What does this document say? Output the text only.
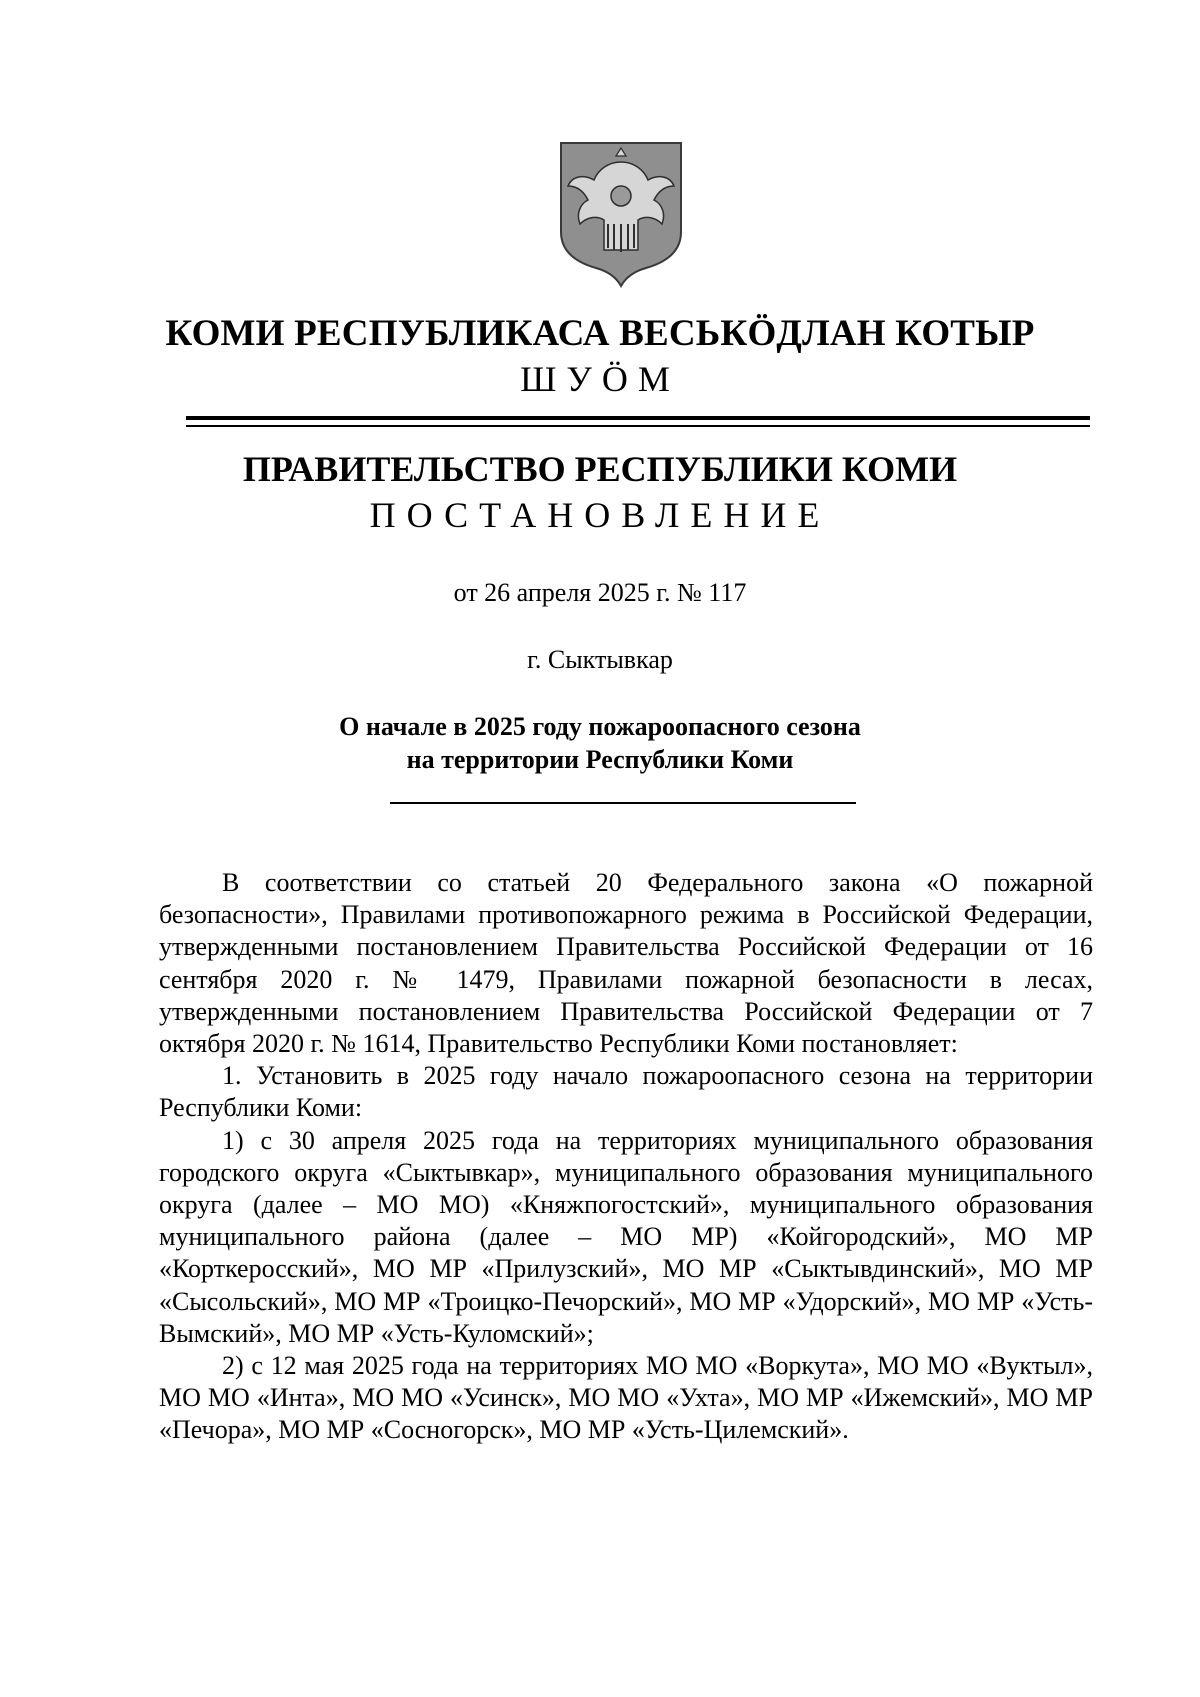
КОМИ РЕСПУБЛИКАСА ВЕСЬКӦДЛАН КОТЫР
ШУӦМ
ПРАВИТЕЛЬСТВО РЕСПУБЛИКИ КОМИ
ПОСТАНОВЛЕНИЕ
от 26 апреля 2025 г. № 117
г. Сыктывкар
О начале в 2025 году пожароопасного сезона
на территории Республики Коми

В соответствии со статьей 20 Федерального закона «О пожарной безопасности», Правилами противопожарного режима в Российской Федерации, утвержденными постановлением Правительства Российской Федерации от 16 сентября 2020 г. № 1479, Правилами пожарной безопасности в лесах, утвержденными постановлением Правительства Российской Федерации от 7 октября 2020 г. № 1614, Правительство Республики Коми постановляет:

1. Установить в 2025 году начало пожароопасного сезона на территории Республики Коми:

1) с 30 апреля 2025 года на территориях муниципального образования городского округа «Сыктывкар», муниципального образования муниципального округа (далее – МО МО) «Княжпогостский», муниципального образования муниципального района (далее – МО МР) «Койгородский», МО МР «Корткеросский», МО МР «Прилузский», МО МР «Сыктывдинский», МО МР «Сысольский», МО МР «Троицко-Печорский», МО МР «Удорский», МО МР «Усть-Вымский», МО МР «Усть-Куломский»;

2) с 12 мая 2025 года на территориях МО МО «Воркута», МО МО «Вуктыл», МО МО «Инта», МО МО «Усинск», МО МО «Ухта», МО МР «Ижемский», МО МР «Печора», МО МР «Сосногорск», МО МР «Усть-Цилемский».
